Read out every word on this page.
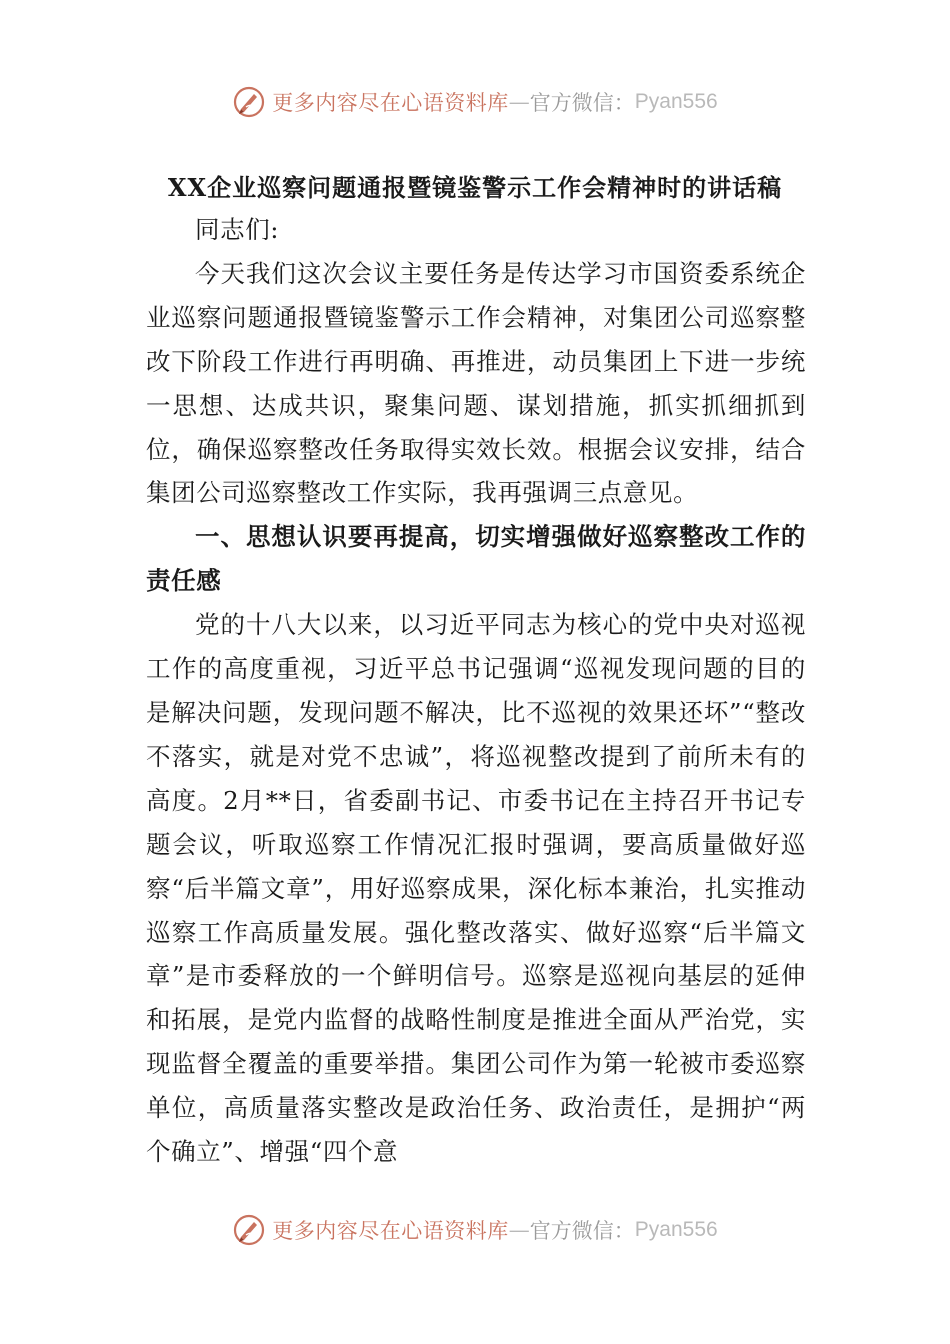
更多内容尽在心语资料库 — 官方微信： Pyan556
XX企业巡察问题通报暨镜鉴警示工作会精神时的讲话稿

同志们:

今天我们这次会议主要任务是传达学习市国资委系统企业巡察问题通报暨镜鉴警示工作会精神，对集团公司巡察整改下阶段工作进行再明确、再推进，动员集团上下进一步统一思想、达成共识，聚集问题、谋划措施，抓实抓细抓到位，确保巡察整改任务取得实效长效。根据会议安排，结合集团公司巡察整改工作实际，我再强调三点意见。

一、思想认识要再提高，切实增强做好巡察整改工作的责任感

党的十八大以来，以习近平同志为核心的党中央对巡视工作的高度重视，习近平总书记强调“巡视发现问题的目的是解决问题，发现问题不解决，比不巡视的效果还坏”“整改不落实，就是对党不忠诚”，将巡视整改提到了前所未有的高度。2月**日，省委副书记、市委书记在主持召开书记专题会议，听取巡察工作情况汇报时强调，要高质量做好巡察“后半篇文章”，用好巡察成果，深化标本兼治，扎实推动巡察工作高质量发展。强化整改落实、做好巡察“后半篇文章”是市委释放的一个鲜明信号。巡察是巡视向基层的延伸和拓展，是党内监督的战略性制度是推进全面从严治党，实现监督全覆盖的重要举措。集团公司作为第一轮被市委巡察单位，高质量落实整改是政治任务、政治责任，是拥护“两个确立”、增强“四个意

更多内容尽在心语资料库 — 官方微信： Pyan556
